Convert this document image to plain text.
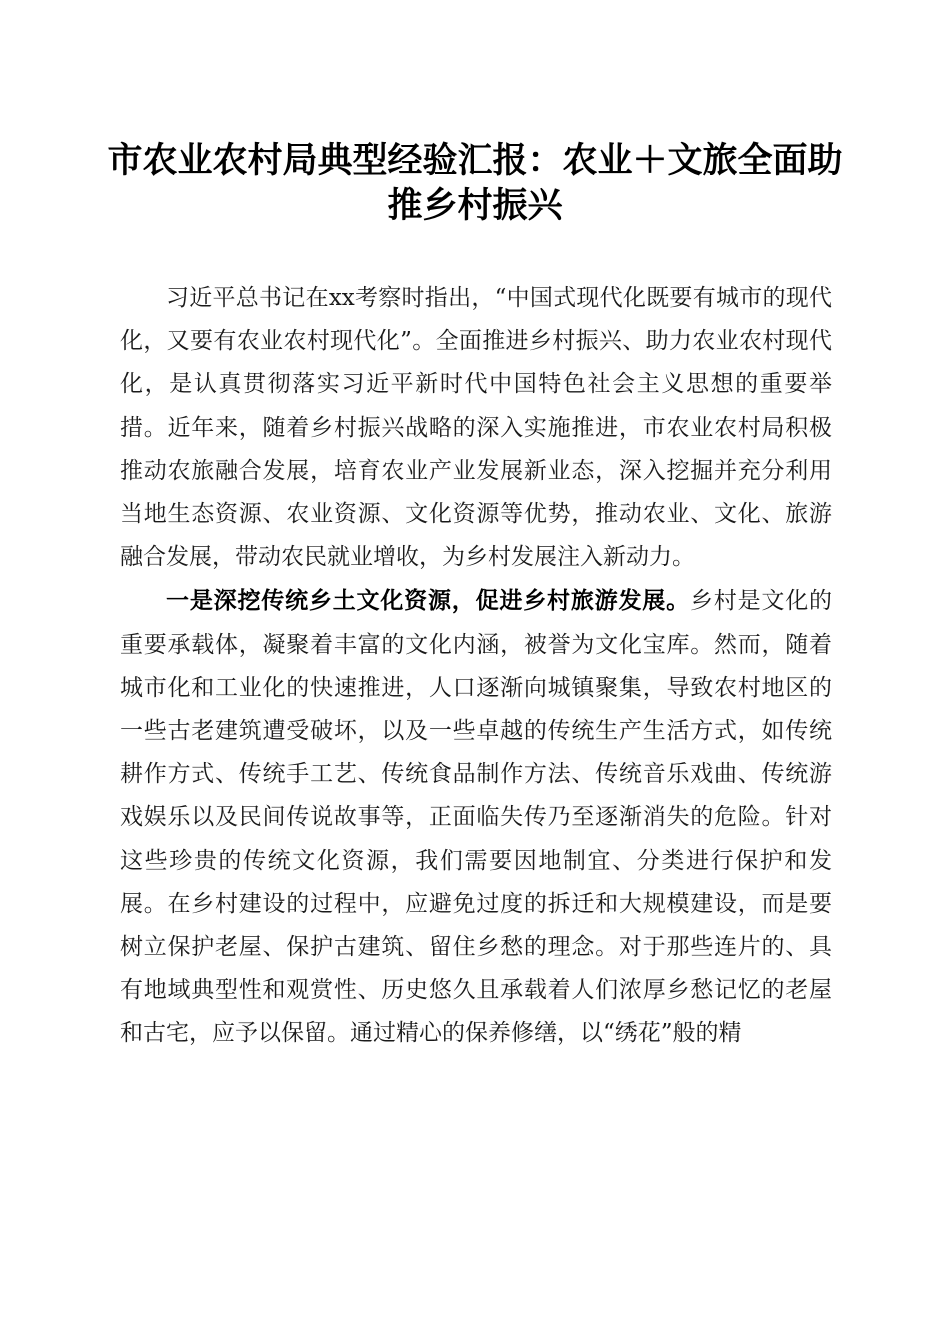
市农业农村局典型经验汇报：农业＋文旅全面助推乡村振兴

习近平总书记在xx考察时指出，“中国式现代化既要有城市的现代化，又要有农业农村现代化”。全面推进乡村振兴、助力农业农村现代化，是认真贯彻落实习近平新时代中国特色社会主义思想的重要举措。近年来，随着乡村振兴战略的深入实施推进，市农业农村局积极推动农旅融合发展，培育农业产业发展新业态，深入挖掘并充分利用当地生态资源、农业资源、文化资源等优势，推动农业、文化、旅游融合发展，带动农民就业增收，为乡村发展注入新动力。

一是深挖传统乡土文化资源，促进乡村旅游发展。乡村是文化的重要承载体，凝聚着丰富的文化内涵，被誉为文化宝库。然而，随着城市化和工业化的快速推进，人口逐渐向城镇聚集，导致农村地区的一些古老建筑遭受破坏，以及一些卓越的传统生产生活方式，如传统耕作方式、传统手工艺、传统食品制作方法、传统音乐戏曲、传统游戏娱乐以及民间传说故事等，正面临失传乃至逐渐消失的危险。针对这些珍贵的传统文化资源，我们需要因地制宜、分类进行保护和发展。在乡村建设的过程中，应避免过度的拆迁和大规模建设，而是要树立保护老屋、保护古建筑、留住乡愁的理念。对于那些连片的、具有地域典型性和观赏性、历史悠久且承载着人们浓厚乡愁记忆的老屋和古宅，应予以保留。通过精心的保养修缮，以“绣花”般的精
